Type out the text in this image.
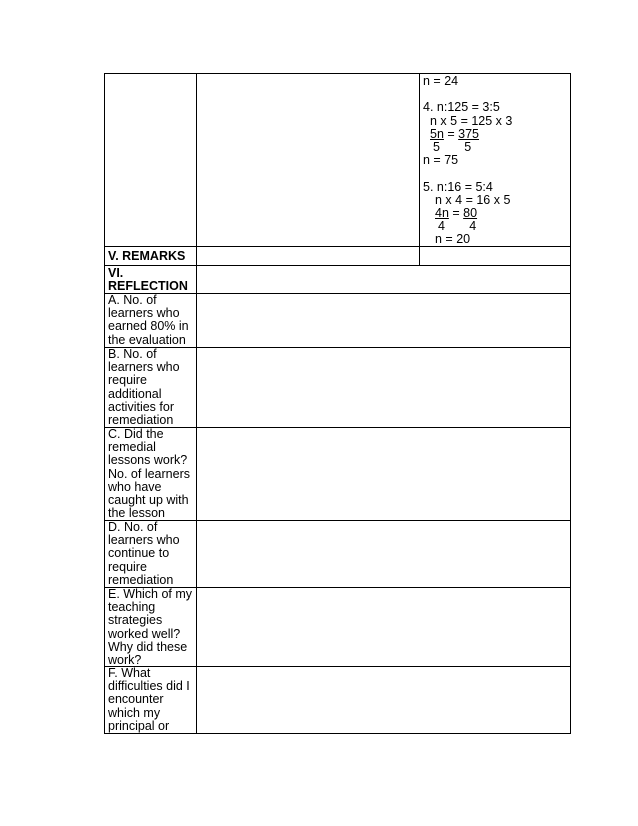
n = 24
4. n:125 = 3:5
n x 5 = 125 x 3
5n = 375
5       5
n = 75
5. n:16 = 5:4
n x 4 = 16 x 5
4n = 80
4       4
n = 20
V. REMARKS
VI. REFLECTION
A. No. of learners who earned 80% in the evaluation
B. No. of learners who require additional activities for remediation
C. Did the remedial lessons work? No. of learners who have caught up with the lesson
D. No. of learners who continue to require remediation
E. Which of my teaching strategies worked well? Why did these work?
F. What difficulties did I encounter which my principal or
